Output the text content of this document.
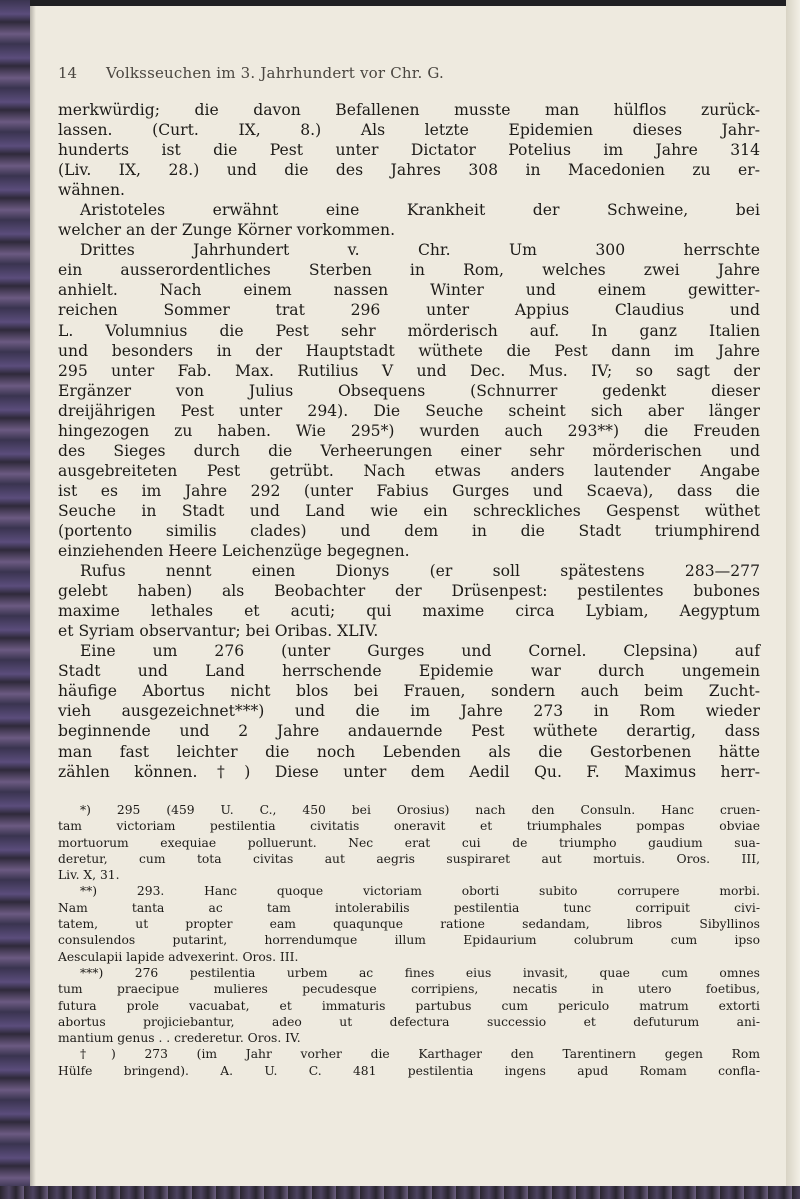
14 Volksseuchen im 3. Jahrhundert vor Chr. G.
merkwürdig; die davon Befallenen musste man hülflos zurück-
lassen. (Curt. IX, 8.) Als letzte Epidemien dieses Jahr-
hunderts ist die Pest unter Dictator Potelius im Jahre 314
(Liv. IX, 28.) und die des Jahres 308 in Macedonien zu er-
wähnen.
Aristoteles erwähnt eine Krankheit der Schweine, bei
welcher an der Zunge Körner vorkommen.
Drittes Jahrhundert v. Chr. Um 300 herrschte
ein ausserordentliches Sterben in Rom, welches zwei Jahre
anhielt. Nach einem nassen Winter und einem gewitter-
reichen Sommer trat 296 unter Appius Claudius und
L. Volumnius die Pest sehr mörderisch auf. In ganz Italien
und besonders in der Hauptstadt wüthete die Pest dann im Jahre
295 unter Fab. Max. Rutilius V und Dec. Mus. IV; so sagt der
Ergänzer von Julius Obsequens (Schnurrer gedenkt dieser
dreijährigen Pest unter 294). Die Seuche scheint sich aber länger
hingezogen zu haben. Wie 295*) wurden auch 293**) die Freuden
des Sieges durch die Verheerungen einer sehr mörderischen und
ausgebreiteten Pest getrübt. Nach etwas anders lautender Angabe
ist es im Jahre 292 (unter Fabius Gurges und Scaeva), dass die
Seuche in Stadt und Land wie ein schreckliches Gespenst wüthet
(portento similis clades) und dem in die Stadt triumphirend
einziehenden Heere Leichenzüge begegnen.
Rufus nennt einen Dionys (er soll spätestens 283—277
gelebt haben) als Beobachter der Drüsenpest: pestilentes bubones
maxime lethales et acuti; qui maxime circa Lybiam, Aegyptum
et Syriam observantur; bei Oribas. XLIV.
Eine um 276 (unter Gurges und Cornel. Clepsina) auf
Stadt und Land herrschende Epidemie war durch ungemein
häufige Abortus nicht blos bei Frauen, sondern auch beim Zucht-
vieh ausgezeichnet***) und die im Jahre 273 in Rom wieder
beginnende und 2 Jahre andauernde Pest wüthete derartig, dass
man fast leichter die noch Lebenden als die Gestorbenen hätte
zählen können.†) Diese unter dem Aedil Qu. F. Maximus herr-
*) 295 (459 U. C., 450 bei Orosius) nach den Consuln. Hanc cruen-
tam victoriam pestilentia civitatis oneravit et triumphales pompas obviae
mortuorum exequiae polluerunt. Nec erat cui de triumpho gaudium sua-
deretur, cum tota civitas aut aegris suspiraret aut mortuis. Oros. III,
Liv. X, 31.
**) 293. Hanc quoque victoriam oborti subito corrupere morbi.
Nam tanta ac tam intolerabilis pestilentia tunc corripuit civi-
tatem, ut propter eam quaqunque ratione sedandam, libros Sibyllinos
consulendos putarint, horrendumque illum Epidaurium colubrum cum ipso
Aesculapii lapide advexerint. Oros. III.
***) 276 pestilentia urbem ac fines eius invasit, quae cum omnes
tum praecipue mulieres pecudesque corripiens, necatis in utero foetibus,
futura prole vacuabat, et immaturis partubus cum periculo matrum extorti
abortus projiciebantur, adeo ut defectura successio et defuturum ani-
mantium genus . . crederetur. Oros. IV.
†) 273 (im Jahr vorher die Karthager den Tarentinern gegen Rom
Hülfe bringend). A. U. C. 481 pestilentia ingens apud Romam confla-
